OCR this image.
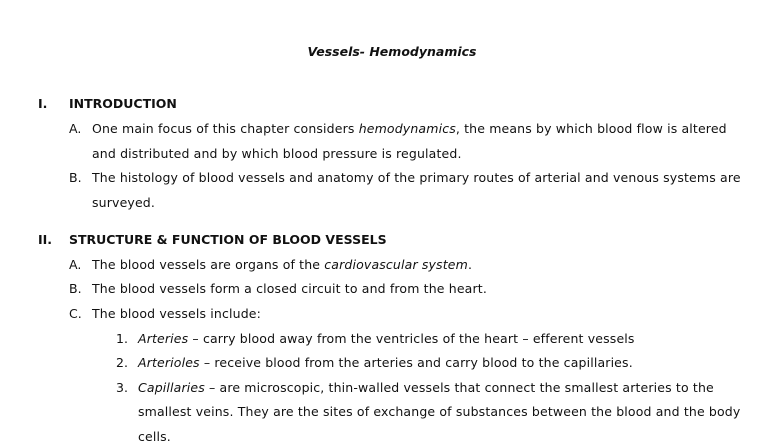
Vessels- Hemodynamics
I. INTRODUCTION
A. One main focus of this chapter considers hemodynamics, the means by which blood flow is altered
and distributed and by which blood pressure is regulated.
B. The histology of blood vessels and anatomy of the primary routes of arterial and venous systems are
surveyed.
II. STRUCTURE & FUNCTION OF BLOOD VESSELS
A. The blood vessels are organs of the cardiovascular system.
B. The blood vessels form a closed circuit to and from the heart.
C. The blood vessels include:
1. Arteries – carry blood away from the ventricles of the heart – efferent vessels
2. Arterioles – receive blood from the arteries and carry blood to the capillaries.
3. Capillaries – are microscopic, thin-walled vessels that connect the smallest arteries to the
smallest veins. They are the sites of exchange of substances between the blood and the body
cells.
